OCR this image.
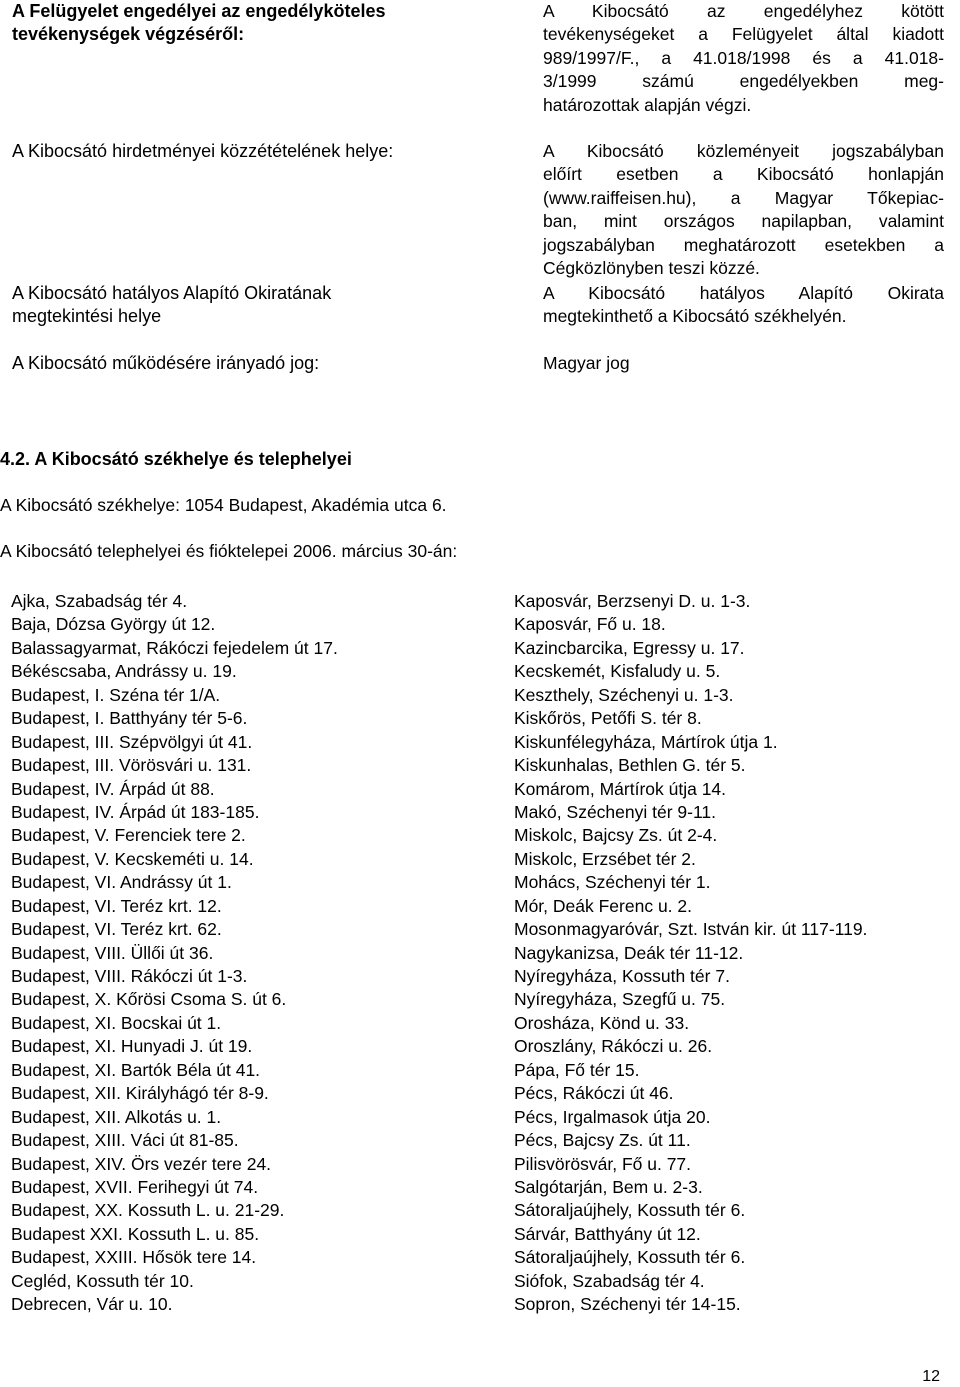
A Felügyelet engedélyei az engedélyköteles
tevékenységek végzéséről:
A Kibocsátó az engedélyhez kötött
tevékenységeket a Felügyelet által kiadott
989/1997/F., a 41.018/1998 és a 41.018-
3/1999 számú engedélyekben meg-
határozottak alapján végzi.
A Kibocsátó hirdetményei közzétételének helye:	A Kibocsátó közleményeit jogszabályban
előírt esetben a Kibocsátó honlapján
(www.raiffeisen.hu), a Magyar Tőkepiac-
ban, mint országos napilapban, valamint
jogszabályban meghatározott esetekben a
Cégközlönyben teszi közzé.
A Kibocsátó hatályos Alapító Okiratának
megtekintési helye
A Kibocsátó hatályos Alapító Okirata
megtekinthető a Kibocsátó székhelyén.
A Kibocsátó működésére irányadó jog:	Magyar jog
4.2. A Kibocsátó székhelye és telephelyei
A Kibocsátó székhelye: 1054 Budapest, Akadémia utca 6.
A Kibocsátó telephelyei és fióktelepei 2006. március 30-án:
Ajka, Szabadság tér 4.
Baja, Dózsa György út 12.
Balassagyarmat, Rákóczi fejedelem út 17.
Békéscsaba, Andrássy u. 19.
Budapest, I. Széna tér 1/A.
Budapest, I. Batthyány tér 5-6.
Budapest, III. Szépvölgyi út 41.
Budapest, III. Vörösvári u. 131.
Budapest, IV. Árpád út 88.
Budapest, IV. Árpád út 183-185.
Budapest, V. Ferenciek tere 2.
Budapest, V. Kecskeméti u. 14.
Budapest, VI. Andrássy út 1.
Budapest, VI. Teréz krt. 12.
Budapest, VI. Teréz krt. 62.
Budapest, VIII. Üllői út 36.
Budapest, VIII. Rákóczi út 1-3.
Budapest, X. Kőrösi Csoma S. út 6.
Budapest, XI. Bocskai út 1.
Budapest, XI. Hunyadi J. út 19.
Budapest, XI. Bartók Béla út 41.
Budapest, XII. Királyhágó tér 8-9.
Budapest, XII. Alkotás u. 1.
Budapest, XIII. Váci út 81-85.
Budapest, XIV. Örs vezér tere 24.
Budapest, XVII. Ferihegyi út 74.
Budapest, XX. Kossuth L. u. 21-29.
Budapest XXI. Kossuth L. u. 85.
Budapest, XXIII. Hősök tere 14.
Cegléd, Kossuth tér 10.
Debrecen, Vár u. 10.
Kaposvár, Berzsenyi D. u. 1-3.
Kaposvár, Fő u. 18.
Kazincbarcika, Egressy u. 17.
Kecskemét, Kisfaludy u. 5.
Keszthely, Széchenyi u. 1-3.
Kiskőrös, Petőfi S. tér 8.
Kiskunfélegyháza, Mártírok útja 1.
Kiskunhalas, Bethlen G. tér 5.
Komárom, Mártírok útja 14.
Makó, Széchenyi tér 9-11.
Miskolc, Bajcsy Zs. út 2-4.
Miskolc, Erzsébet tér 2.
Mohács, Széchenyi tér 1.
Mór, Deák Ferenc u. 2.
Mosonmagyaróvár, Szt. István kir. út 117-119.
Nagykanizsa, Deák tér 11-12.
Nyíregyháza, Kossuth tér 7.
Nyíregyháza, Szegfű u. 75.
Orosháza, Könd u. 33.
Oroszlány, Rákóczi u. 26.
Pápa, Fő tér 15.
Pécs, Rákóczi út 46.
Pécs, Irgalmasok útja 20.
Pécs, Bajcsy Zs. út 11.
Pilisvörösvár, Fő u. 77.
Salgótarján, Bem u. 2-3.
Sátoraljaújhely, Kossuth tér 6.
Sárvár, Batthyány út 12.
Sátoraljaújhely, Kossuth tér 6.
Siófok, Szabadság tér 4.
Sopron, Széchenyi tér 14-15.
12
